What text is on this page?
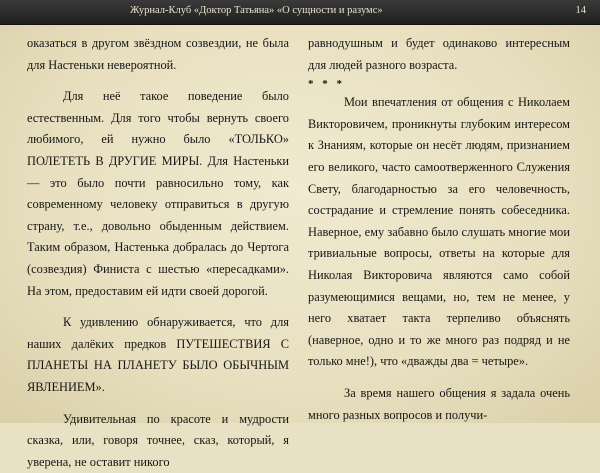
Журнал-Клуб «Доктор Татьяна» «О сущности и разумс»	14

оказаться в другом звёздном созвездии, не была для Настеньки невероятной.

Для неё такое поведение было естественным. Для того чтобы вернуть своего любимого, ей нужно было «ТОЛЬКО» ПОЛЕТЕТЬ В ДРУГИЕ МИРЫ. Для Настеньки — это было почти равносильно тому, как современному человеку отправиться в другую страну, т.е., довольно обыденным действием. Таким образом, Настенька добралась до Чертога (созвездия) Финиста с шестью «пересадками». На этом, предоставим ей идти своей дорогой.

К удивлению обнаруживается, что для наших далёких предков ПУТЕШЕСТВИЯ С ПЛАНЕТЫ НА ПЛАНЕТУ БЫЛО ОБЫЧНЫМ ЯВЛЕНИЕМ».

Удивительная по красоте и мудрости сказка, или, говоря точнее, сказ, который, я уверена, не оставит никого

равнодушным и будет одинаково интересным для людей разного возраста.

* * *

Мои впечатления от общения с Николаем Викторовичем, проникнуты глубоким интересом к Знаниям, которые он несёт людям, признанием его великого, часто самоотверженного Служения Свету, благодарностью за его человечность, сострадание и стремление понять собеседника. Наверное, ему забавно было слушать многие мои тривиальные вопросы, ответы на которые для Николая Викторовича являются само собой разумеющимися вещами, но, тем не менее, у него хватает такта терпеливо объяснять (наверное, одно и то же много раз подряд и не только мне!), что «дважды два = четыре».

За время нашего общения я задала очень много разных вопросов и получи-
